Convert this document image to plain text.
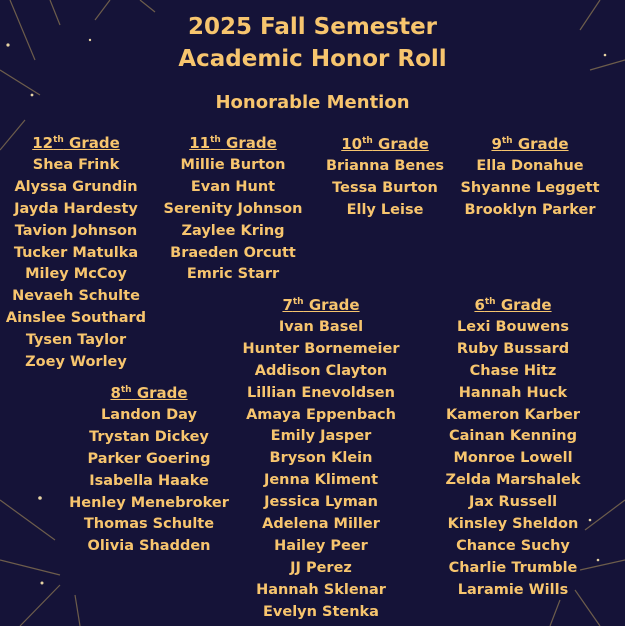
2025 Fall Semester
Academic Honor Roll
Honorable Mention
12th Grade
Shea Frink
Alyssa Grundin
Jayda Hardesty
Tavion Johnson
Tucker Matulka
Miley McCoy
Nevaeh Schulte
Ainslee Southard
Tysen Taylor
Zoey Worley
11th Grade
Millie Burton
Evan Hunt
Serenity Johnson
Zaylee Kring
Braeden Orcutt
Emric Starr
10th Grade
Brianna Benes
Tessa Burton
Elly Leise
9th Grade
Ella Donahue
Shyanne Leggett
Brooklyn Parker
8th Grade
Landon Day
Trystan Dickey
Parker Goering
Isabella Haake
Henley Menebroker
Thomas Schulte
Olivia Shadden
7th Grade
Ivan Basel
Hunter Bornemeier
Addison Clayton
Lillian Enevoldsen
Amaya Eppenbach
Emily Jasper
Bryson Klein
Jenna Kliment
Jessica Lyman
Adelena Miller
Hailey Peer
JJ Perez
Hannah Sklenar
Evelyn Stenka
6th Grade
Lexi Bouwens
Ruby Bussard
Chase Hitz
Hannah Huck
Kameron Karber
Cainan Kenning
Monroe Lowell
Zelda Marshalek
Jax Russell
Kinsley Sheldon
Chance Suchy
Charlie Trumble
Laramie Wills
